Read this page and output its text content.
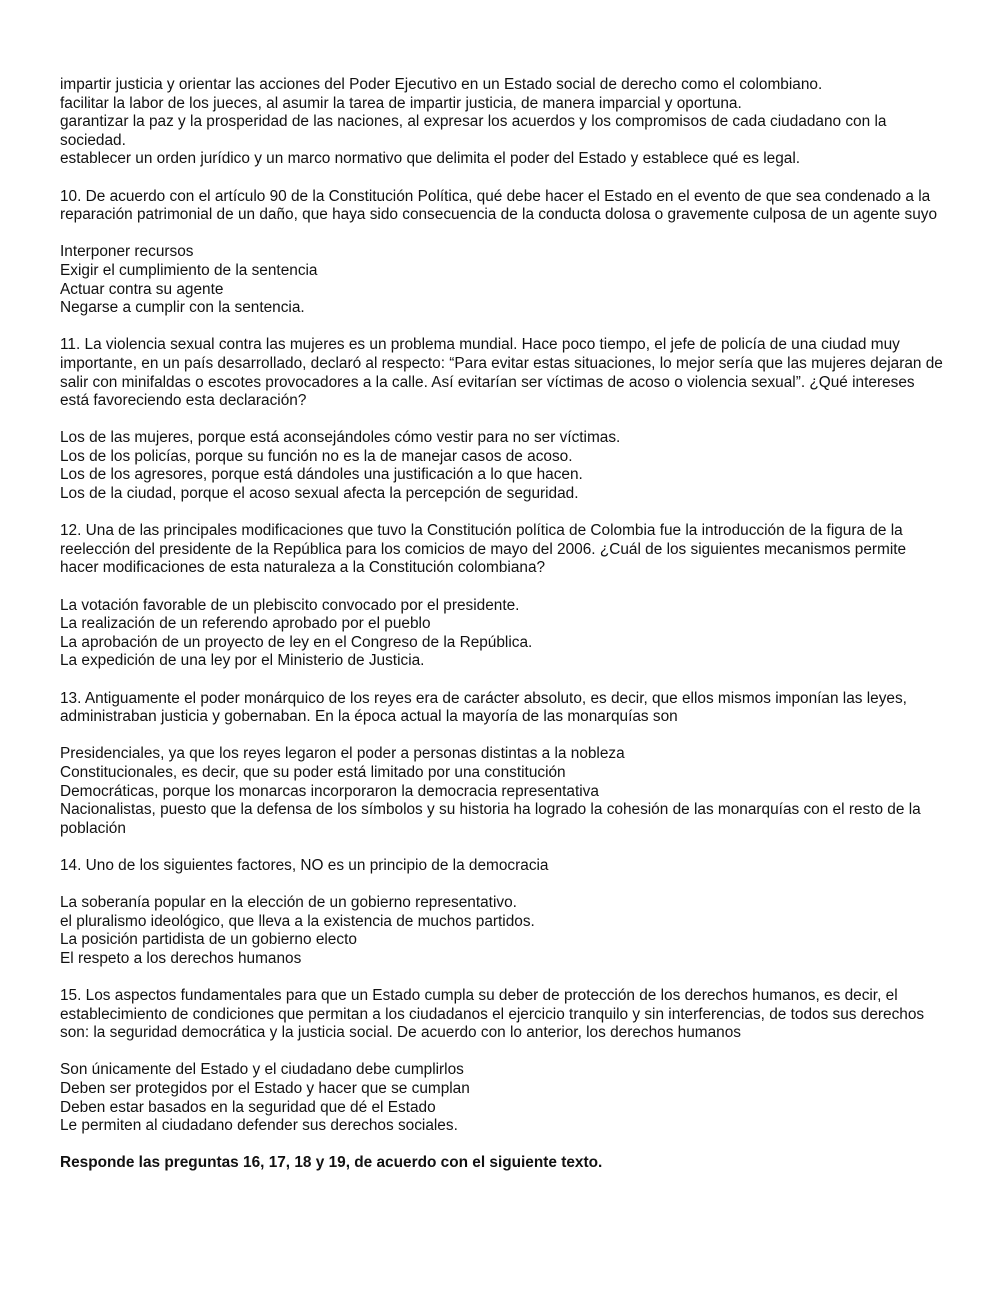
impartir justicia y orientar las acciones del Poder Ejecutivo en un Estado social de derecho como el colombiano.
facilitar la labor de los jueces, al asumir la tarea de impartir justicia, de manera imparcial y oportuna.
garantizar la paz y la prosperidad de las naciones, al expresar los acuerdos y los compromisos de cada ciudadano con la sociedad.
establecer un orden jurídico y un marco normativo que delimita el poder del Estado y establece qué es legal.
10. De acuerdo con el artículo 90 de la Constitución Política, qué debe hacer el Estado en el evento de que sea condenado a la reparación patrimonial de un daño, que haya sido consecuencia de la conducta dolosa o gravemente culposa de un agente suyo
Interponer recursos
Exigir el cumplimiento de la sentencia
Actuar contra su agente
Negarse a cumplir con la sentencia.
11. La violencia sexual contra las mujeres es un problema mundial. Hace poco tiempo, el jefe de policía de una ciudad muy importante, en un país desarrollado, declaró al respecto: “Para evitar estas situaciones, lo mejor sería que las mujeres dejaran de salir con minifaldas o escotes provocadores a la calle. Así evitarían ser víctimas de acoso o violencia sexual”. ¿Qué intereses está favoreciendo esta declaración?
Los de las mujeres, porque está aconsejándoles cómo vestir para no ser víctimas.
Los de los policías, porque su función no es la de manejar casos de acoso.
Los de los agresores, porque está dándoles una justificación a lo que hacen.
Los de la ciudad, porque el acoso sexual afecta la percepción de seguridad.
12. Una de las principales modificaciones que tuvo la Constitución política de Colombia fue la introducción de la figura de la reelección del presidente de la República para los comicios de mayo del 2006. ¿Cuál de los siguientes mecanismos permite hacer modificaciones de esta naturaleza a la Constitución colombiana?
La votación favorable de un plebiscito convocado por el presidente.
La realización de un referendo aprobado por el pueblo
La aprobación de un proyecto de ley en el Congreso de la República.
La expedición de una ley por el Ministerio de Justicia.
13. Antiguamente el poder monárquico de los reyes era de carácter absoluto, es decir, que ellos mismos imponían las leyes, administraban justicia y gobernaban. En la época actual la mayoría de las monarquías son
Presidenciales, ya que los reyes legaron el poder a personas distintas a la nobleza
Constitucionales, es decir, que su poder está limitado por una constitución
Democráticas, porque los monarcas incorporaron la democracia representativa
Nacionalistas, puesto que la defensa de los símbolos y su historia ha logrado la cohesión de las monarquías con el resto de la población
14. Uno de los siguientes factores, NO es un principio de la democracia
La soberanía popular en la elección de un gobierno representativo.
el pluralismo ideológico, que lleva a la existencia de muchos partidos.
La posición partidista de un gobierno electo
El respeto a los derechos humanos
15. Los aspectos fundamentales para que un Estado cumpla su deber de protección de los derechos humanos, es decir, el establecimiento de condiciones que permitan a los ciudadanos el ejercicio tranquilo y sin interferencias, de todos sus derechos son: la seguridad democrática y la justicia social. De acuerdo con lo anterior, los derechos humanos
Son únicamente del Estado y el ciudadano debe cumplirlos
Deben ser protegidos por el Estado y hacer que se cumplan
Deben estar basados en la seguridad que dé el Estado
Le permiten al ciudadano defender sus derechos sociales.
Responde las preguntas 16, 17, 18 y 19, de acuerdo con el siguiente texto.
